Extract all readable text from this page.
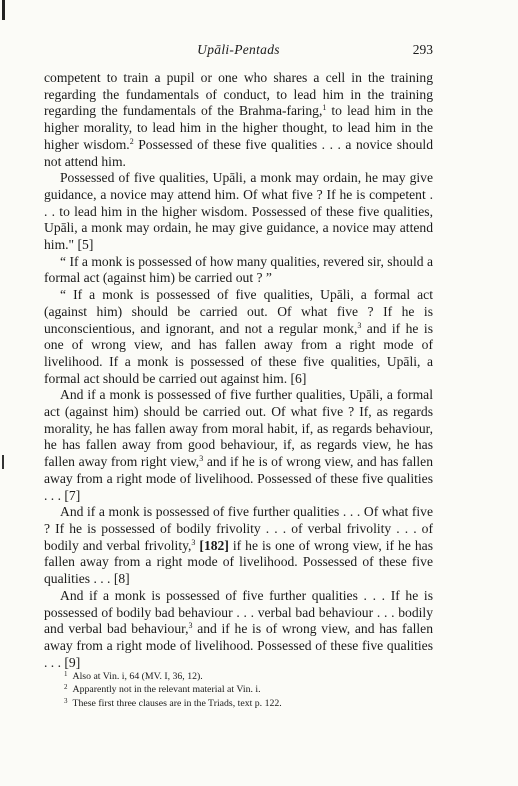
Upāli-Pentads	293

competent to train a pupil or one who shares a cell in the training regarding the fundamentals of conduct, to lead him in the training regarding the fundamentals of the Brahma-faring,$^1$ to lead him in the higher morality, to lead him in the higher thought, to lead him in the higher wisdom.$^2$ Possessed of these five qualities . . . a novice should not attend him.

Possessed of five qualities, Upāli, a monk may ordain, he may give guidance, a novice may attend him. Of what five ? If he is competent . . . to lead him in the higher wisdom. Possessed of these five qualities, Upāli, a monk may ordain, he may give guidance, a novice may attend him." [5]

“ If a monk is possessed of how many qualities, revered sir, should a formal act (against him) be carried out ? ”

“ If a monk is possessed of five qualities, Upāli, a formal act (against him) should be carried out. Of what five ? If he is unconscientious, and ignorant, and not a regular monk,$^3$ and if he is one of wrong view, and has fallen away from a right mode of livelihood. If a monk is possessed of these five qualities, Upāli, a formal act should be carried out against him. [6]

And if a monk is possessed of five further qualities, Upāli, a formal act (against him) should be carried out. Of what five ? If, as regards morality, he has fallen away from moral habit, if, as regards behaviour, he has fallen away from good behaviour, if, as regards view, he has fallen away from right view,$^3$ and if he is of wrong view, and has fallen away from a right mode of livelihood. Possessed of these five qualities . . . [7]

And if a monk is possessed of five further qualities . . . Of what five ? If he is possessed of bodily frivolity . . . of verbal frivolity . . . of bodily and verbal frivolity,$^3$ [182] if he is one of wrong view, if he has fallen away from a right mode of livelihood. Possessed of these five qualities . . . [8]

And if a monk is possessed of five further qualities . . . If he is possessed of bodily bad behaviour . . . verbal bad behaviour . . . bodily and verbal bad behaviour,$^3$ and if he is of wrong view, and has fallen away from a right mode of livelihood. Possessed of these five qualities . . . [9]

$^1$ Also at Vin. i, 64 (MV. I, 36, 12).
$^2$ Apparently not in the relevant material at Vin. i.
$^3$ These first three clauses are in the Triads, text p. 122.
